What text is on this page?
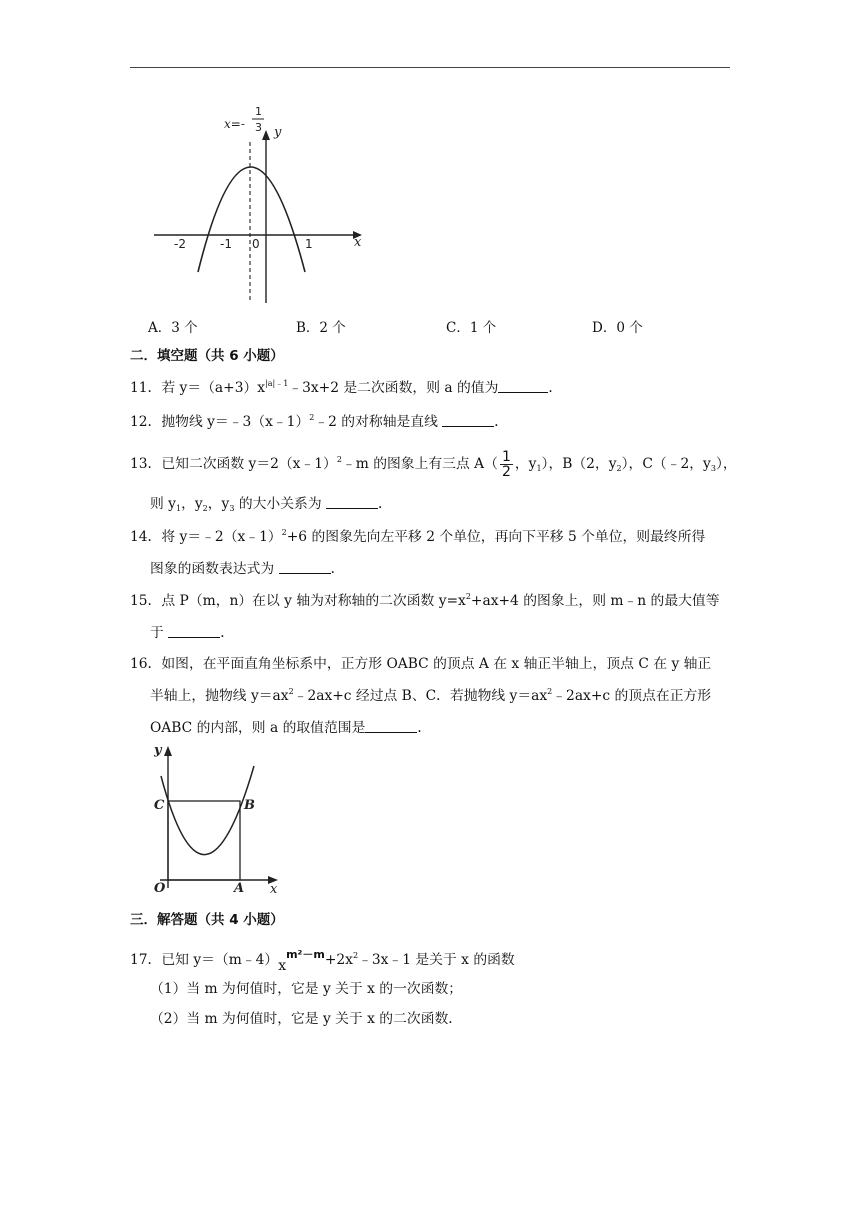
-2	-1 0	1	x
y
x=-
1
3
A．3 个	B．2 个	C．1 个	D．0 个
二．填空题（共 6 小题）
11．若 $y=(a+3)x^{|a|﹣1}﹣3x+2$ 是二次函数，则 a 的值为	．
12．抛物线 y＝﹣3（x﹣1）$^2$﹣2 的对称轴是直线	．
13．已知二次函数 y＝2（x﹣1）$^2$﹣m 的图象上有三点 $A( \frac{1}{2}$ ，$y_1$），B（2，$y_2$），C（﹣2，$y_3$），
则 $y_1$，$y_2$，$y_3$ 的大小关系为	．
14．将 y＝﹣2（x﹣1）$^2$+6 的图象先向左平移 2 个单位，再向下平移 5 个单位，则最终所得
图象的函数表达式为	．
15．点 P（m，n）在以 y 轴为对称轴的二次函数 $y=x^2+ax+4$ 的图象上，则 m﹣n 的最大值等
于	．
16．如图，在平面直角坐标系中，正方形 OABC 的顶点 A 在 x 轴正半轴上，顶点 C 在 y 轴正
半轴上，抛物线 $y=ax^2﹣2ax+c$ 经过点 B、C．若抛物线 $y=ax^2﹣2ax+c$ 的顶点在正方形
OABC 的内部，则 a 的取值范围是	．
y
x
C	B
O	A
三．解答题（共 4 小题）
17．已知 $y=(m﹣4)x^{m^2-m}+2x^2﹣3x﹣1$ 是关于 x 的函数
（1）当 m 为何值时，它是 y 关于 x 的一次函数；
（2）当 m 为何值时，它是 y 关于 x 的二次函数．
